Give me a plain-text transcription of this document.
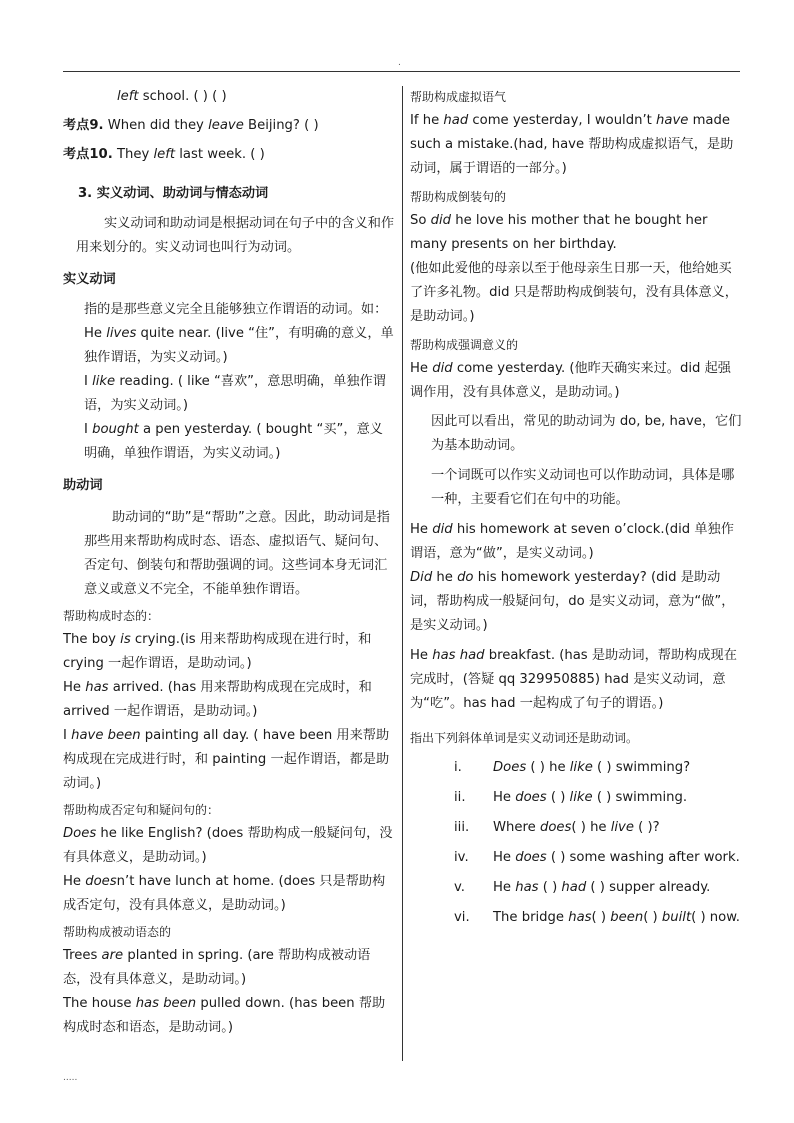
.

left school. ( ) ( )

考点9. When did they leave Beijing? ( )

考点10. They left last week. ( )

3. 实义动词、助动词与情态动词

实义动词和助动词是根据动词在句子中的含义和作用来划分的。实义动词也叫行为动词。

实义动词

指的是那些意义完全且能够独立作谓语的动词。如：

He lives quite near. (live “住”，有明确的意义，单独作谓语，为实义动词。)

I like reading. ( like “喜欢”，意思明确，单独作谓语，为实义动词。)

I bought a pen yesterday. ( bought “买”，意义明确，单独作谓语，为实义动词。)

助动词

助动词的“助”是“帮助”之意。因此，助动词是指那些用来帮助构成时态、语态、虚拟语气、疑问句、否定句、倒装句和帮助强调的词。这些词本身无词汇意义或意义不完全，不能单独作谓语。

帮助构成时态的：

The boy is crying.(is 用来帮助构成现在进行时，和 crying 一起作谓语，是助动词。)

He has arrived. (has 用来帮助构成现在完成时，和 arrived 一起作谓语，是助动词。)

I have been painting all day. ( have been 用来帮助构成现在完成进行时，和 painting 一起作谓语，都是助动词。)

帮助构成否定句和疑问句的：

Does he like English? (does 帮助构成一般疑问句，没有具体意义，是助动词。)

He doesn’t have lunch at home. (does 只是帮助构成否定句，没有具体意义，是助动词。)

帮助构成被动语态的

Trees are planted in spring. (are 帮助构成被动语态，没有具体意义，是助动词。)

The house has been pulled down. (has been 帮助构成时态和语态，是助动词。)

帮助构成虚拟语气

If he had come yesterday, I wouldn’t have made such a mistake.(had, have 帮助构成虚拟语气，是助动词，属于谓语的一部分。)

帮助构成倒装句的

So did he love his mother that he bought her many presents on her birthday.

(他如此爱他的母亲以至于他母亲生日那一天，他给她买了许多礼物。did 只是帮助构成倒装句，没有具体意义，是助动词。)

帮助构成强调意义的

He did come yesterday. (他昨天确实来过。did 起强调作用，没有具体意义，是助动词。)

因此可以看出，常见的助动词为 do, be, have，它们为基本助动词。

一个词既可以作实义动词也可以作助动词，具体是哪一种，主要看它们在句中的功能。

He did his homework at seven o’clock.(did 单独作谓语，意为“做”，是实义动词。)

Did he do his homework yesterday? (did 是助动词，帮助构成一般疑问句，do 是实义动词，意为“做”，是实义动词。)

He has had breakfast. (has 是助动词，帮助构成现在完成时，(答疑 qq 329950885) had 是实义动词，意为“吃”。has had 一起构成了句子的谓语。)

指出下列斜体单词是实义动词还是助动词。

i. Does ( ) he like ( ) swimming?
ii. He does ( ) like ( ) swimming.
iii. Where does( ) he live ( )?
iv. He does ( ) some washing after work.
v. He has ( ) had ( ) supper already.
vi. The bridge has( ) been( ) built( ) now.
.....
